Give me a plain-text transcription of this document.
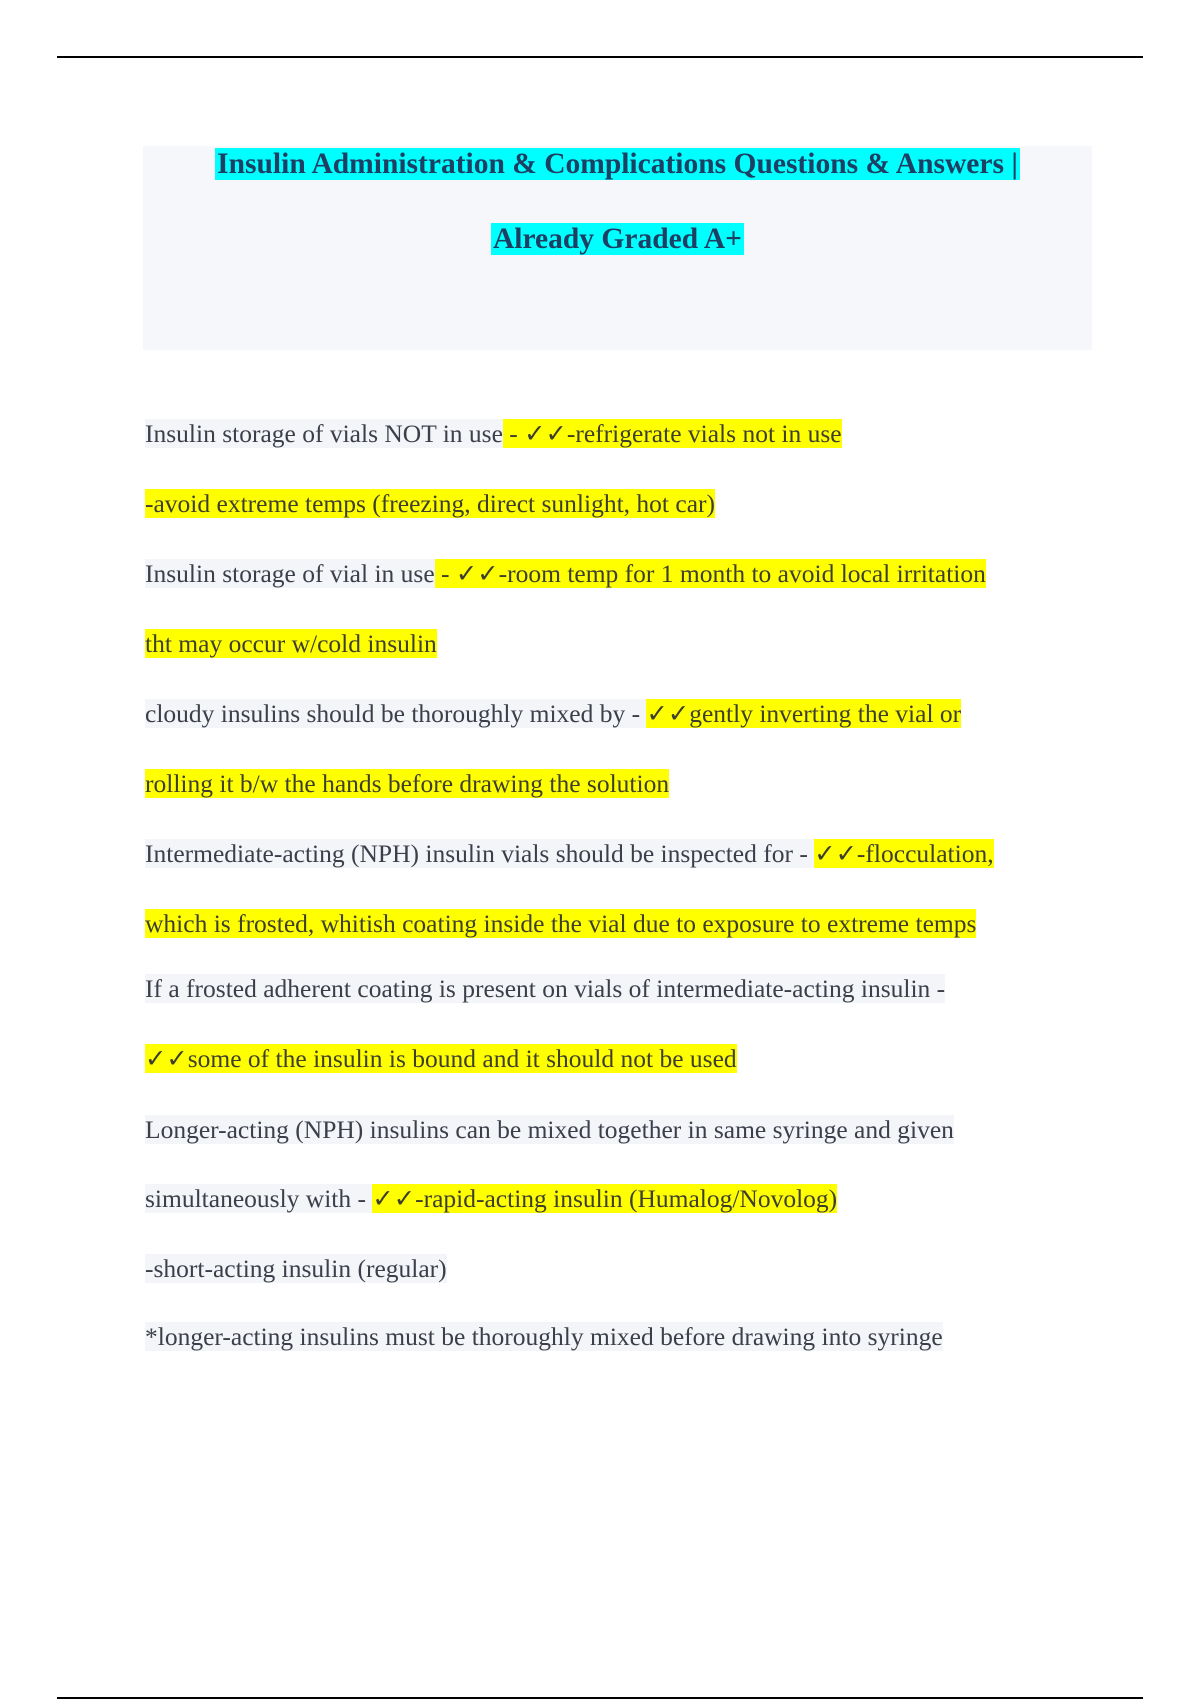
Insulin Administration & Complications Questions & Answers |
Already Graded A+
Insulin storage of vials NOT in use - ✓✓-refrigerate vials not in use
-avoid extreme temps (freezing, direct sunlight, hot car)
Insulin storage of vial in use - ✓✓-room temp for 1 month to avoid local irritation
tht may occur w/cold insulin
cloudy insulins should be thoroughly mixed by - ✓✓gently inverting the vial or
rolling it b/w the hands before drawing the solution
Intermediate-acting (NPH) insulin vials should be inspected for - ✓✓-flocculation,
which is frosted, whitish coating inside the vial due to exposure to extreme temps
If a frosted adherent coating is present on vials of intermediate-acting insulin -
✓✓some of the insulin is bound and it should not be used
Longer-acting (NPH) insulins can be mixed together in same syringe and given
simultaneously with - ✓✓-rapid-acting insulin (Humalog/Novolog)
-short-acting insulin (regular)
*longer-acting insulins must be thoroughly mixed before drawing into syringe
